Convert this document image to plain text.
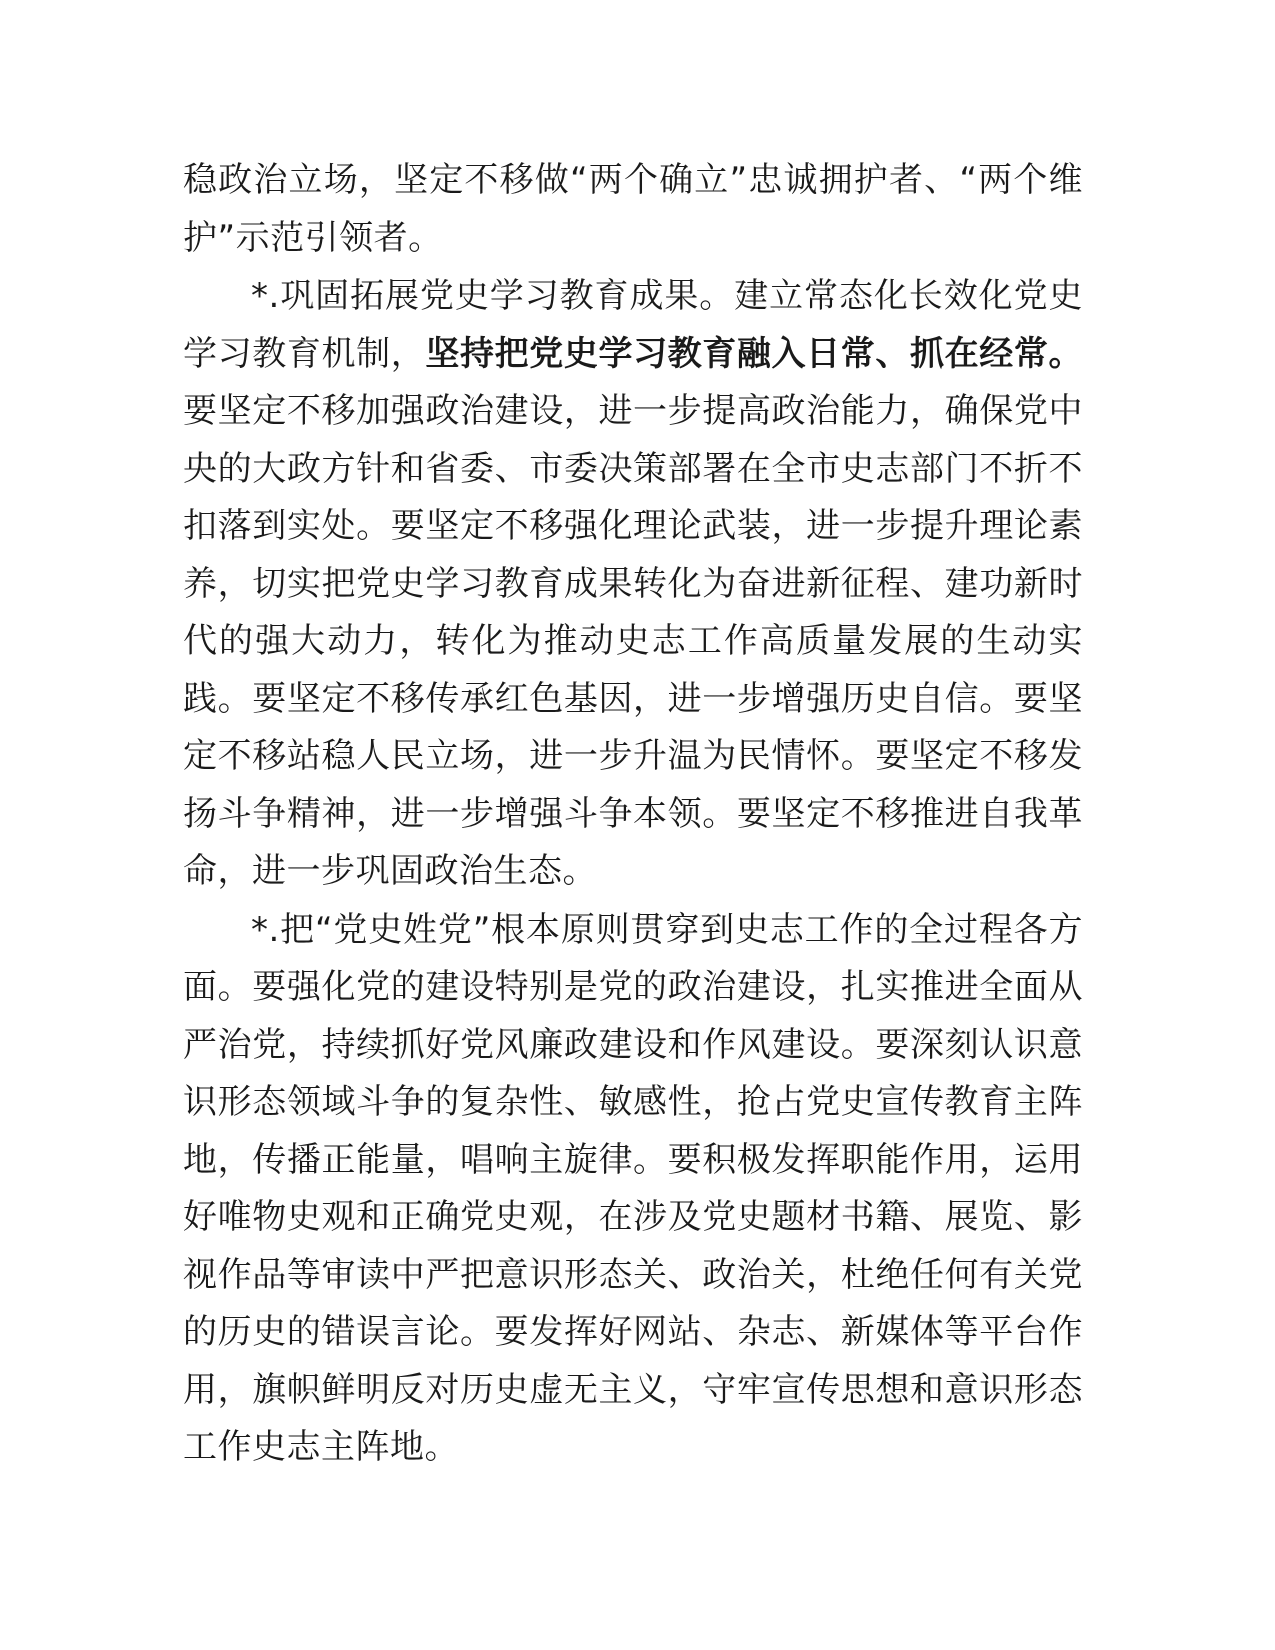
稳政治立场，坚定不移做“两个确立”忠诚拥护者、“两个维护”示范引领者。

*.巩固拓展党史学习教育成果。建立常态化长效化党史学习教育机制，坚持把党史学习教育融入日常、抓在经常。要坚定不移加强政治建设，进一步提高政治能力，确保党中央的大政方针和省委、市委决策部署在全市史志部门不折不扣落到实处。要坚定不移强化理论武装，进一步提升理论素养，切实把党史学习教育成果转化为奋进新征程、建功新时代的强大动力，转化为推动史志工作高质量发展的生动实践。要坚定不移传承红色基因，进一步增强历史自信。要坚定不移站稳人民立场，进一步升温为民情怀。要坚定不移发扬斗争精神，进一步增强斗争本领。要坚定不移推进自我革命，进一步巩固政治生态。

*.把“党史姓党”根本原则贯穿到史志工作的全过程各方面。要强化党的建设特别是党的政治建设，扎实推进全面从严治党，持续抓好党风廉政建设和作风建设。要深刻认识意识形态领域斗争的复杂性、敏感性，抢占党史宣传教育主阵地，传播正能量，唱响主旋律。要积极发挥职能作用，运用好唯物史观和正确党史观，在涉及党史题材书籍、展览、影视作品等审读中严把意识形态关、政治关，杜绝任何有关党的历史的错误言论。要发挥好网站、杂志、新媒体等平台作用，旗帜鲜明反对历史虚无主义，守牢宣传思想和意识形态工作史志主阵地。
